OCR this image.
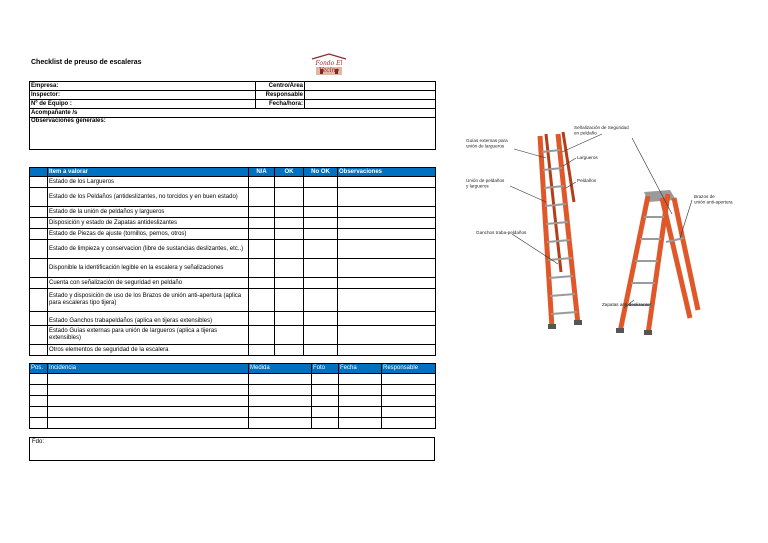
Checklist de preuso de escaleras	Fondo El Vecino
Empresa:	Centro/Área	
Inspector:	Responsable	
Nº de Equipo :	Fecha/hora:	
Acompañante /s		
Observaciones generales:		
	Item a valorar	N/A	OK	No OK	Observaciones
	Estado de los Largueros				
	Estado de los Peldaños (antideslizantes, no torcidos y en buen estado)				
	Estado de la unión de peldaños y largueros				
	Disposición y estado de Zapatas antideslizantes				
	Estado de Piezas de ajuste (tornillos, pernos, otros)				
	Estado de limpieza y conservacion (libre de sustancias deslizantes, etc..)				
	Disponible la identificación legible en la escalera y señalizaciones				
	Cuenta con señalización de seguridad en peldaño				
	Estado y disposición de uso de los Brazos de unión anti-apertura (aplica para escaleras tipo tijera)				
	Estado Ganchos trabapeldaños (aplica en tijeras extensibles)				
	Estado Guías externas para unión de largueros (aplica a tijeras extensibles)				
	Otros elementos de seguridad de la escalera				
Pos.	Incidencia	Medida	Foto	Fecha	Responsable

Fdo:
Guías externas para unión de largueros
Señalización de Seguridad en peldaño
Largueros
Peldaños
Unión de peldaños y largueros
Brazos de unión anti-apertura
Ganchos traba-peldaños
Zapatas anti-deslizantes
